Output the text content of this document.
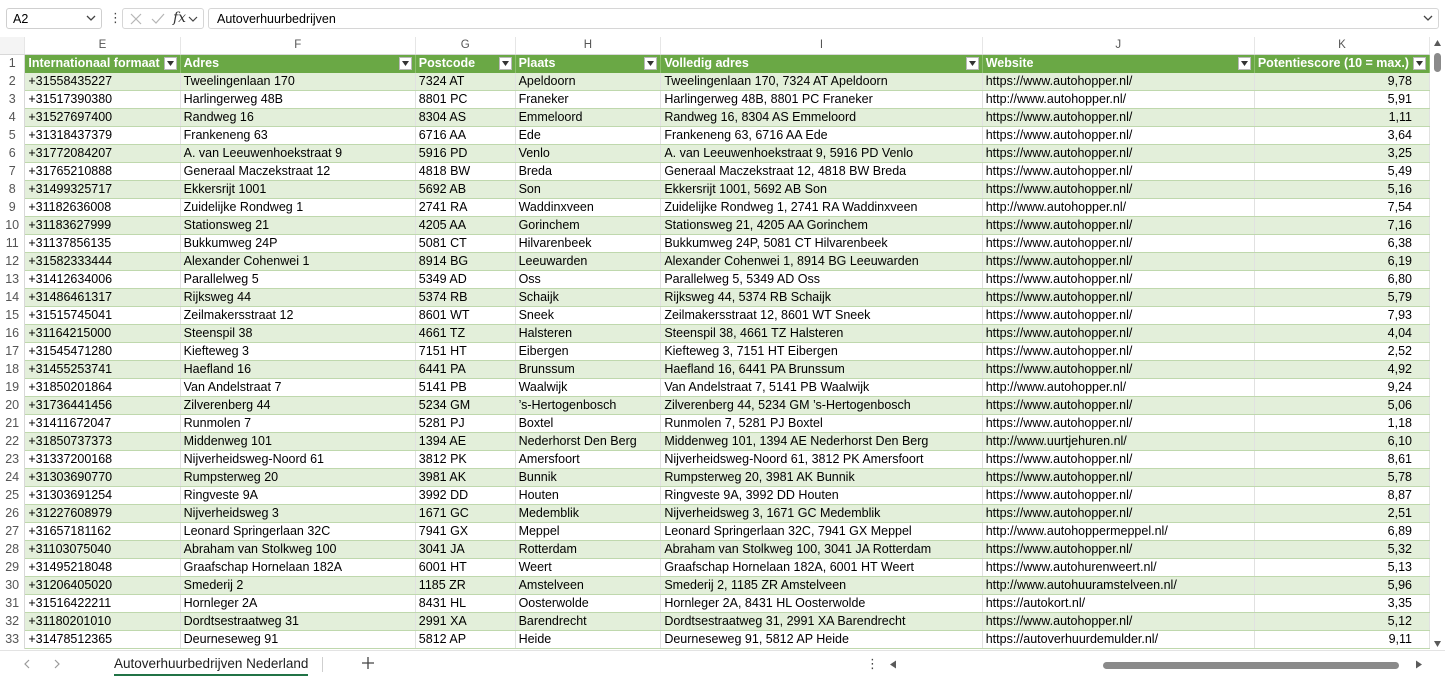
A2	⋮	fx Autoverhuurbedrijven
	E	F	G	H	I	J	K
1	Internationaal formaat	Adres	Postcode	Plaats	Volledig adres	Website	Potentiescore (10 = max.)

2	+31558435227	Tweelingenlaan 170	7324 AT	Apeldoorn	Tweelingenlaan 170, 7324 AT Apeldoorn	https://www.autohopper.nl/	9,78
3	+31517390380	Harlingerweg 48B	8801 PC	Franeker	Harlingerweg 48B, 8801 PC Franeker	http://www.autohopper.nl/	5,91
4	+31527697400	Randweg 16	8304 AS	Emmeloord	Randweg 16, 8304 AS Emmeloord	https://www.autohopper.nl/	1,11
5	+31318437379	Frankeneng 63	6716 AA	Ede	Frankeneng 63, 6716 AA Ede	https://www.autohopper.nl/	3,64
6	+31772084207	A. van Leeuwenhoekstraat 9	5916 PD	Venlo	A. van Leeuwenhoekstraat 9, 5916 PD Venlo	https://www.autohopper.nl/	3,25
7	+31765210888	Generaal Maczekstraat 12	4818 BW	Breda	Generaal Maczekstraat 12, 4818 BW Breda	https://www.autohopper.nl/	5,49
8	+31499325717	Ekkersrijt 1001	5692 AB	Son	Ekkersrijt 1001, 5692 AB Son	https://www.autohopper.nl/	5,16
9	+31182636008	Zuidelijke Rondweg 1	2741 RA	Waddinxveen	Zuidelijke Rondweg 1, 2741 RA Waddinxveen	http://www.autohopper.nl/	7,54
10	+31183627999	Stationsweg 21	4205 AA	Gorinchem	Stationsweg 21, 4205 AA Gorinchem	https://www.autohopper.nl/	7,16
11	+31137856135	Bukkumweg 24P	5081 CT	Hilvarenbeek	Bukkumweg 24P, 5081 CT Hilvarenbeek	https://www.autohopper.nl/	6,38
12	+31582333444	Alexander Cohenwei 1	8914 BG	Leeuwarden	Alexander Cohenwei 1, 8914 BG Leeuwarden	https://www.autohopper.nl/	6,19
13	+31412634006	Parallelweg 5	5349 AD	Oss	Parallelweg 5, 5349 AD Oss	https://www.autohopper.nl/	6,80
14	+31486461317	Rijksweg 44	5374 RB	Schaijk	Rijksweg 44, 5374 RB Schaijk	https://www.autohopper.nl/	5,79
15	+31515745041	Zeilmakersstraat 12	8601 WT	Sneek	Zeilmakersstraat 12, 8601 WT Sneek	https://www.autohopper.nl/	7,93
16	+31164215000	Steenspil 38	4661 TZ	Halsteren	Steenspil 38, 4661 TZ Halsteren	https://www.autohopper.nl/	4,04
17	+31545471280	Kiefteweg 3	7151 HT	Eibergen	Kiefteweg 3, 7151 HT Eibergen	https://www.autohopper.nl/	2,52
18	+31455253741	Haefland 16	6441 PA	Brunssum	Haefland 16, 6441 PA Brunssum	https://www.autohopper.nl/	4,92
19	+31850201864	Van Andelstraat 7	5141 PB	Waalwijk	Van Andelstraat 7, 5141 PB Waalwijk	http://www.autohopper.nl/	9,24
20	+31736441456	Zilverenberg 44	5234 GM	’s-Hertogenbosch	Zilverenberg 44, 5234 GM ’s-Hertogenbosch	https://www.autohopper.nl/	5,06
21	+31411672047	Runmolen 7	5281 PJ	Boxtel	Runmolen 7, 5281 PJ Boxtel	https://www.autohopper.nl/	1,18
22	+31850737373	Middenweg 101	1394 AE	Nederhorst Den Berg	Middenweg 101, 1394 AE Nederhorst Den Berg	http://www.uurtjehuren.nl/	6,10
23	+31337200168	Nijverheidsweg-Noord 61	3812 PK	Amersfoort	Nijverheidsweg-Noord 61, 3812 PK Amersfoort	https://www.autohopper.nl/	8,61
24	+31303690770	Rumpsterweg 20	3981 AK	Bunnik	Rumpsterweg 20, 3981 AK Bunnik	https://www.autohopper.nl/	5,78
25	+31303691254	Ringveste 9A	3992 DD	Houten	Ringveste 9A, 3992 DD Houten	https://www.autohopper.nl/	8,87
26	+31227608979	Nijverheidsweg 3	1671 GC	Medemblik	Nijverheidsweg 3, 1671 GC Medemblik	https://www.autohopper.nl/	2,51
27	+31657181162	Leonard Springerlaan 32C	7941 GX	Meppel	Leonard Springerlaan 32C, 7941 GX Meppel	http://www.autohoppermeppel.nl/	6,89
28	+31103075040	Abraham van Stolkweg 100	3041 JA	Rotterdam	Abraham van Stolkweg 100, 3041 JA Rotterdam	https://www.autohopper.nl/	5,32
29	+31495218048	Graafschap Hornelaan 182A	6001 HT	Weert	Graafschap Hornelaan 182A, 6001 HT Weert	https://www.autohurenweert.nl/	5,13
30	+31206405020	Smederij 2	1185 ZR	Amstelveen	Smederij 2, 1185 ZR Amstelveen	http://www.autohuuramstelveen.nl/	5,96
31	+31516422211	Hornleger 2A	8431 HL	Oosterwolde	Hornleger 2A, 8431 HL Oosterwolde	https://autokort.nl/	3,35
32	+31180201010	Dordtsestraatweg 31	2991 XA	Barendrecht	Dordtsestraatweg 31, 2991 XA Barendrecht	https://www.autohopper.nl/	5,12
33	+31478512365	Deurneseweg 91	5812 AP	Heide	Deurneseweg 91, 5812 AP Heide	https://autoverhuurdemulder.nl/	9,11
Autoverhuurbedrijven Nederland	⋮
